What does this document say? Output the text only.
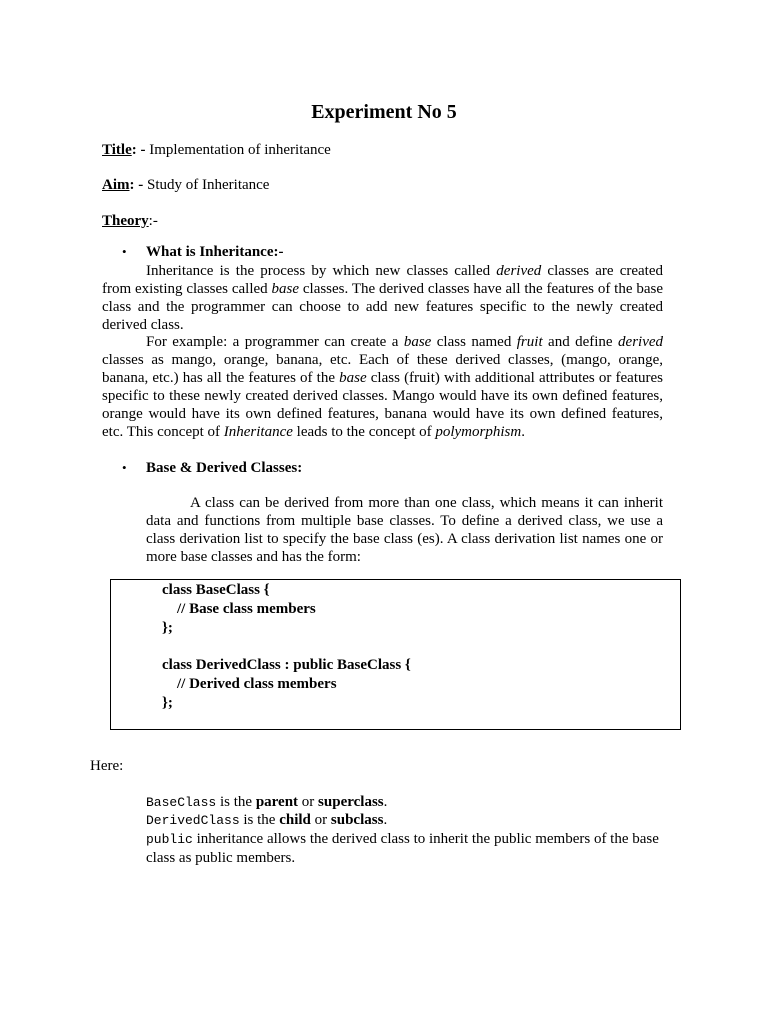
Experiment No 5
Title: - Implementation of inheritance
Aim: - Study of Inheritance
Theory:-
• What is Inheritance:-
Inheritance is the process by which new classes called derived classes are created from existing classes called base classes. The derived classes have all the features of the base class and the programmer can choose to add new features specific to the newly created derived class.
For example: a programmer can create a base class named fruit and define derived classes as mango, orange, banana, etc. Each of these derived classes, (mango, orange, banana, etc.) has all the features of the base class (fruit) with additional attributes or features specific to these newly created derived classes. Mango would have its own defined features, orange would have its own defined features, banana would have its own defined features, etc. This concept of Inheritance leads to the concept of polymorphism.
• Base & Derived Classes:
A class can be derived from more than one class, which means it can inherit data and functions from multiple base classes. To define a derived class, we use a class derivation list to specify the base class (es). A class derivation list names one or more base classes and has the form:
class BaseClass {
// Base class members
};
class DerivedClass : public BaseClass {
// Derived class members
};
Here:
BaseClass is the parent or superclass.
DerivedClass is the child or subclass.
public inheritance allows the derived class to inherit the public members of the base class as public members.
